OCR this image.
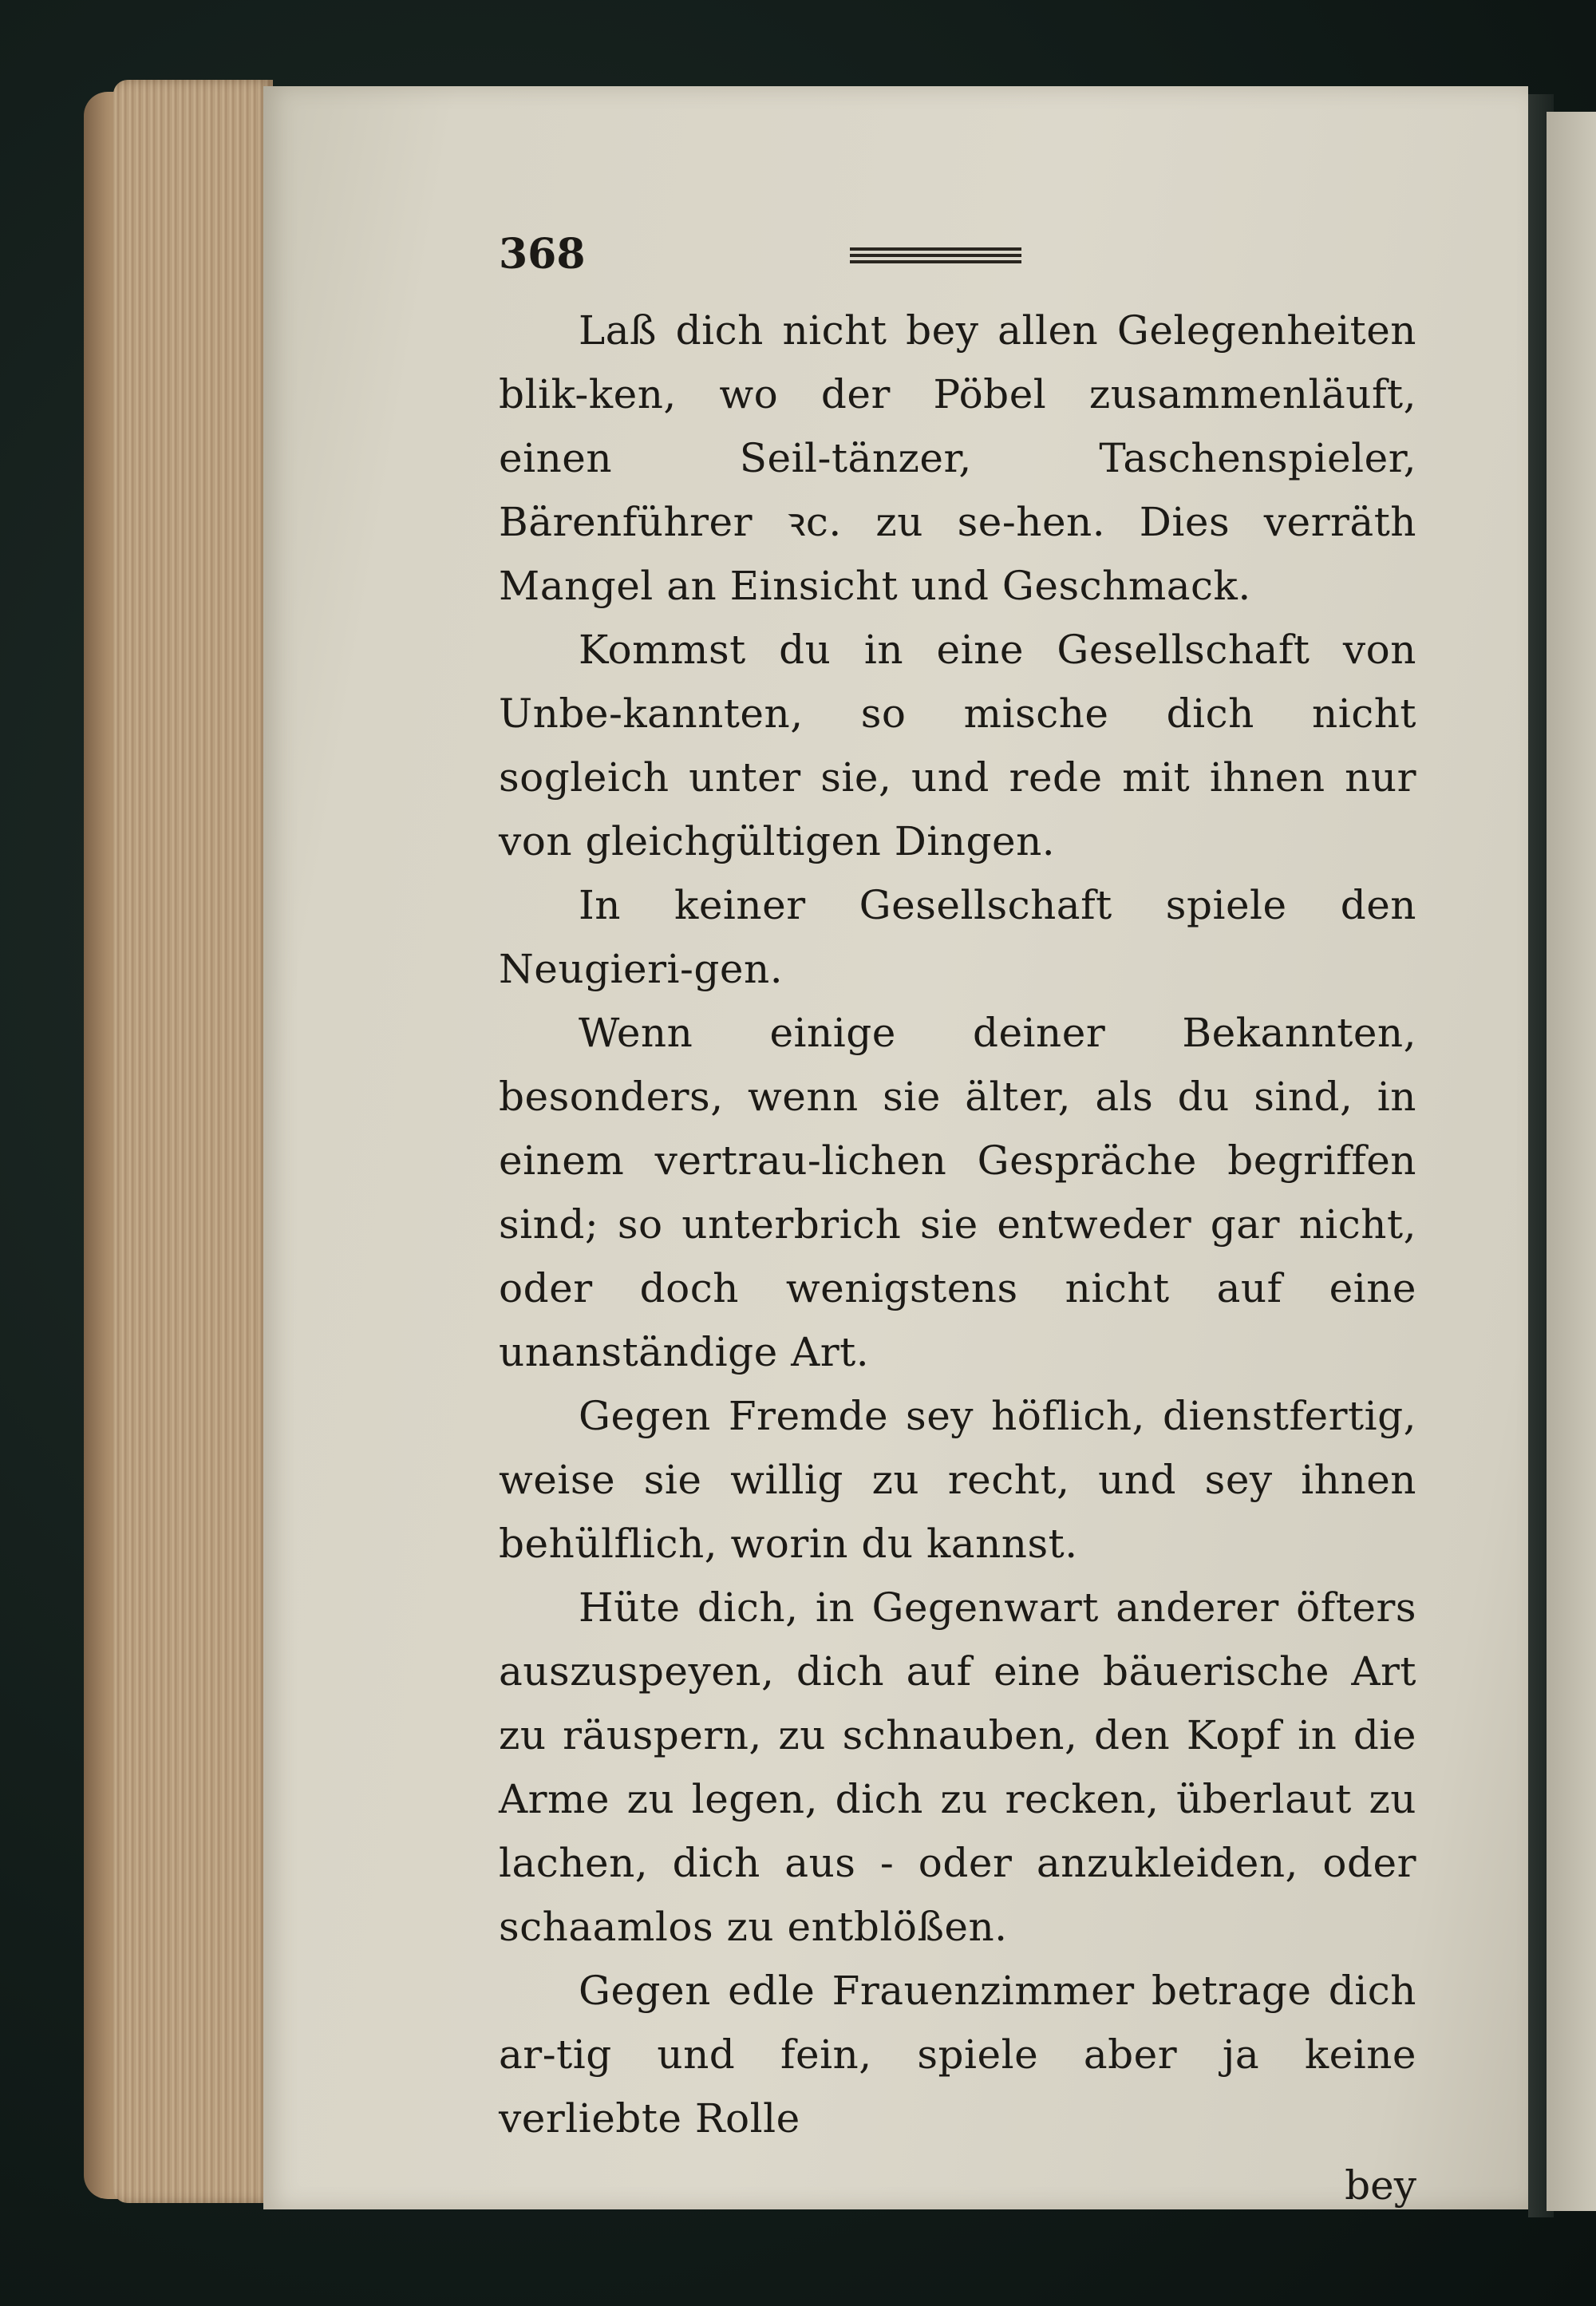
368

Laß dich nicht bey allen Gelegenheiten blik-ken, wo der Pöbel zusammenläuft, einen Seil-tänzer, Taschenspieler, Bärenführer ꝛc. zu se-hen. Dies verräth Mangel an Einsicht und Geschmack.

Kommst du in eine Gesellschaft von Unbe-kannten, so mische dich nicht sogleich unter sie, und rede mit ihnen nur von gleichgültigen Dingen.

In keiner Gesellschaft spiele den Neugieri-gen.

Wenn einige deiner Bekannten, besonders, wenn sie älter, als du sind, in einem vertrau-lichen Gespräche begriffen sind; so unterbrich sie entweder gar nicht, oder doch wenigstens nicht auf eine unanständige Art.

Gegen Fremde sey höflich, dienstfertig, weise sie willig zu recht, und sey ihnen behülflich, worin du kannst.

Hüte dich, in Gegenwart anderer öfters auszuspeyen, dich auf eine bäuerische Art zu räuspern, zu schnauben, den Kopf in die Arme zu legen, dich zu recken, überlaut zu lachen, dich aus - oder anzukleiden, oder schaamlos zu entblößen.

Gegen edle Frauenzimmer betrage dich ar-tig und fein, spiele aber ja keine verliebte Rolle

bey
